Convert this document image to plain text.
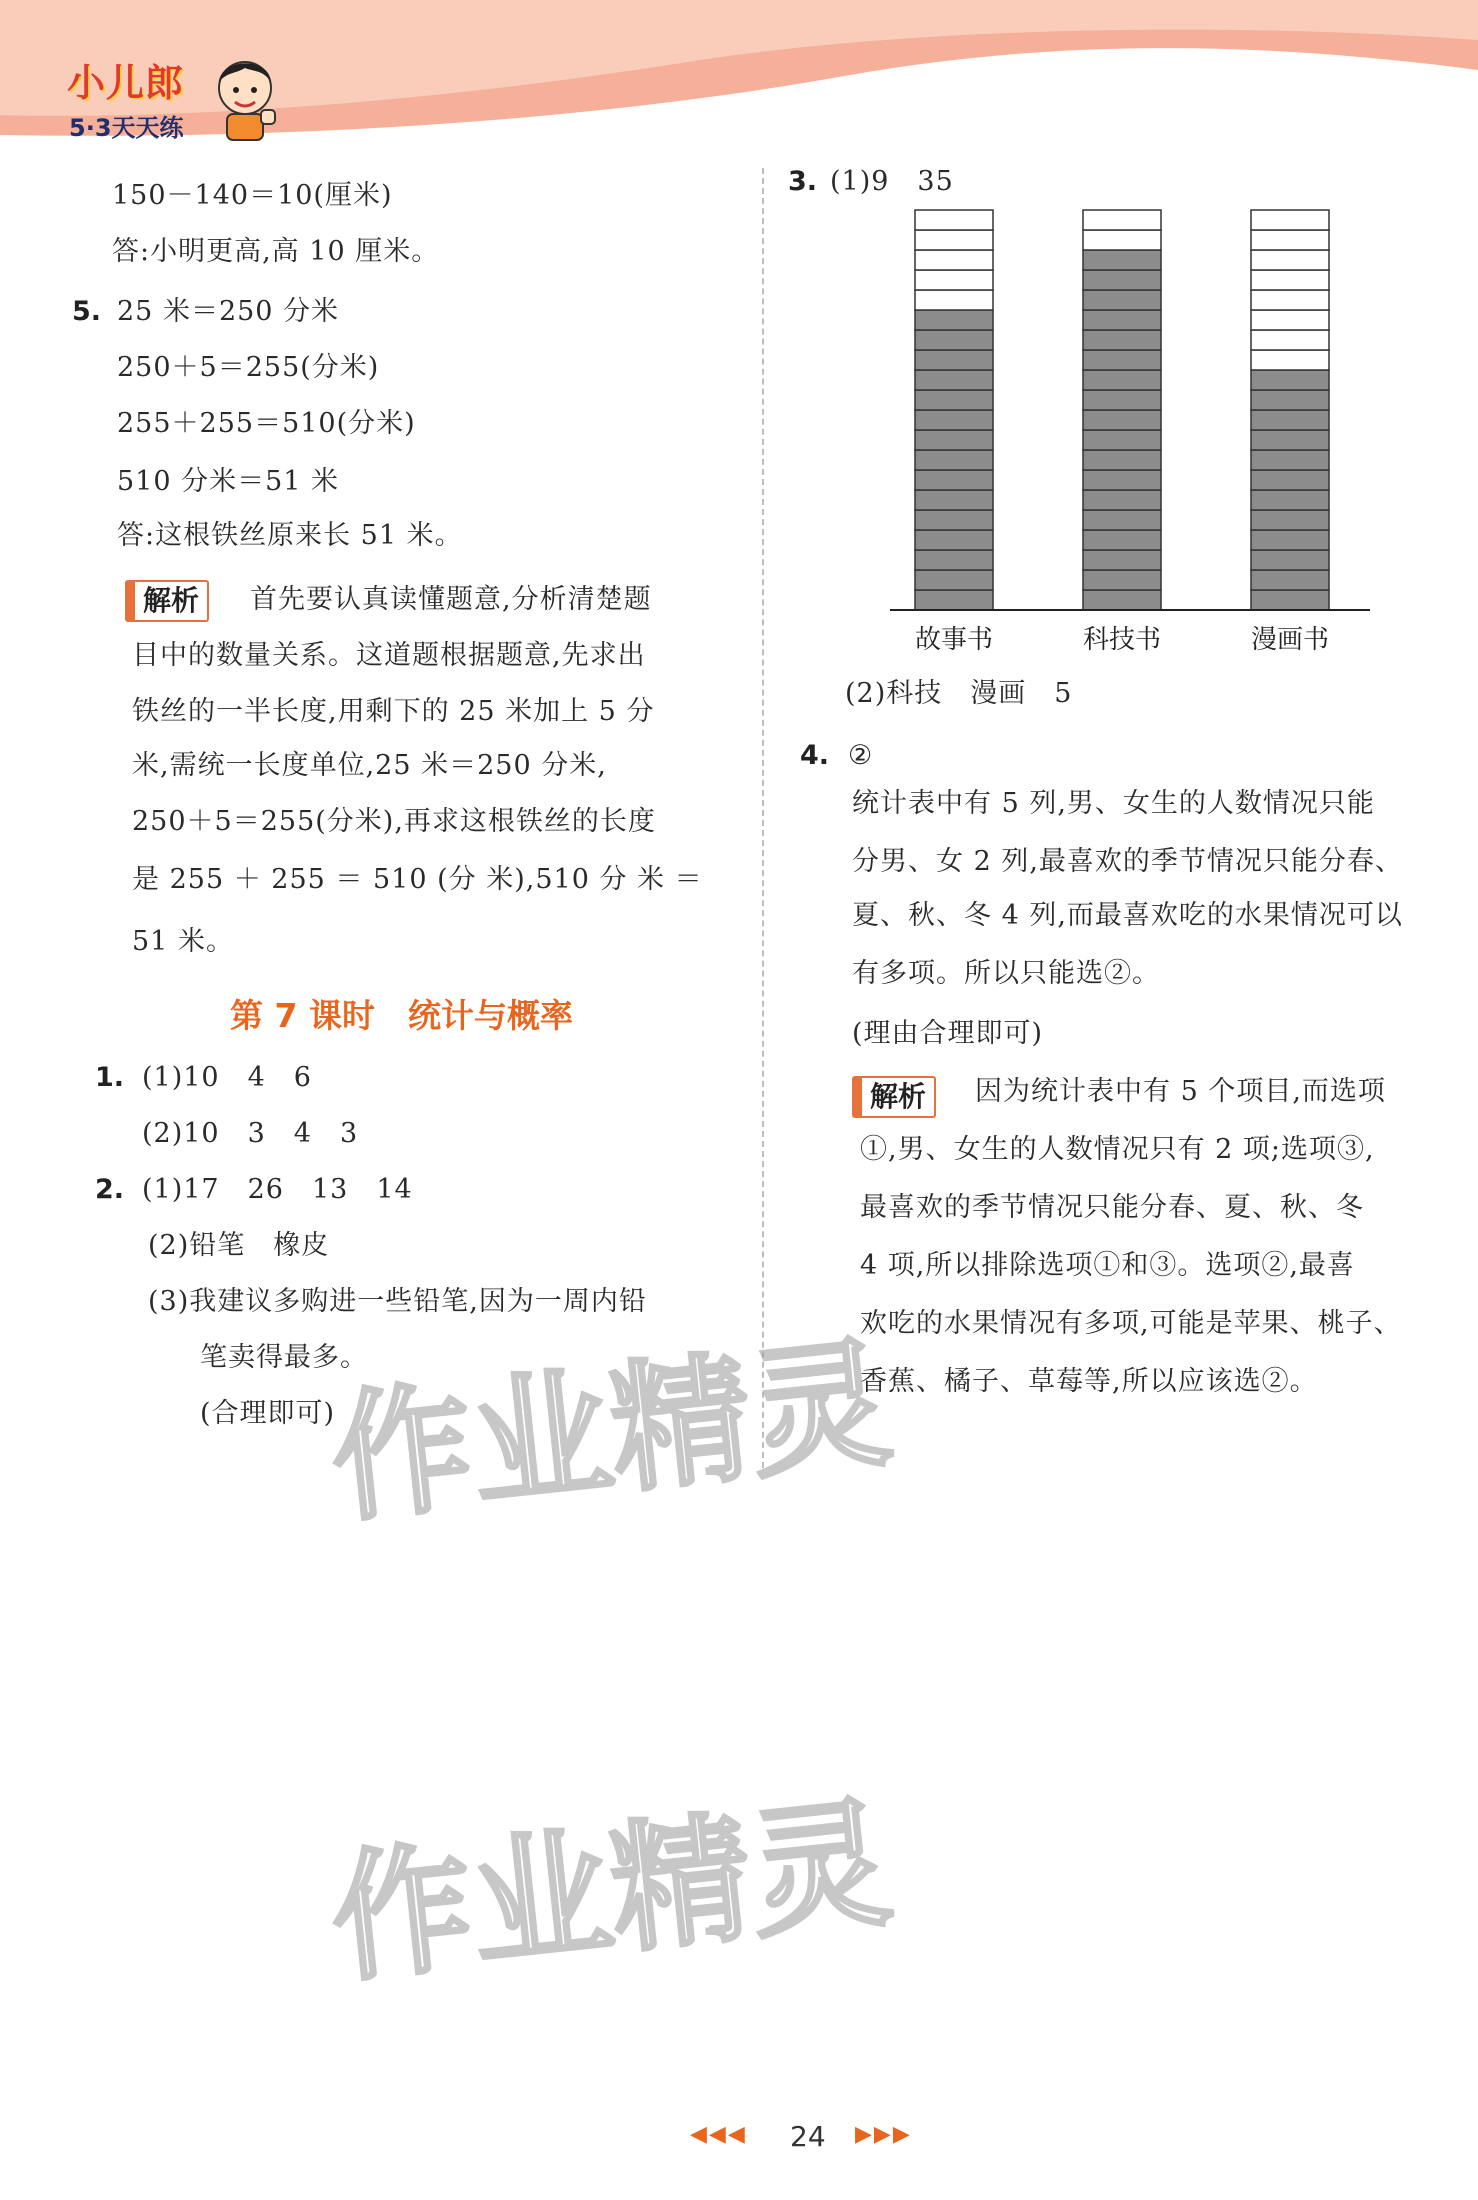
小儿郎
5·3天天练
150－140＝10(厘米)
答:小明更高,高 10 厘米。
5. 25 米＝250 分米
250＋5＝255(分米)
255＋255＝510(分米)
510 分米＝51 米
答:这根铁丝原来长 51 米。
解析	首先要认真读懂题意,分析清楚题
目中的数量关系。这道题根据题意,先求出
铁丝的一半长度,用剩下的 25 米加上 5 分
米,需统一长度单位,25 米＝250 分米,
250＋5＝255(分米),再求这根铁丝的长度
是 255 ＋ 255 ＝ 510 (分 米),510 分 米 ＝
51 米。
第 7 课时　统计与概率
1. (1)10　4　6
(2)10　3　4　3
2. (1)17　26　13　14
(2)铅笔　橡皮
(3)我建议多购进一些铅笔,因为一周内铅
笔卖得最多。
(合理即可)
3. (1)9　35
故事书	科技书	漫画书
(2)科技　漫画　5
4. ②
统计表中有 5 列,男、女生的人数情况只能
分男、女 2 列,最喜欢的季节情况只能分春、
夏、秋、冬 4 列,而最喜欢吃的水果情况可以
有多项。所以只能选②。
(理由合理即可)
解析	因为统计表中有 5 个项目,而选项
①,男、女生的人数情况只有 2 项;选项③,
最喜欢的季节情况只能分春、夏、秋、冬
4 项,所以排除选项①和③。选项②,最喜
欢吃的水果情况有多项,可能是苹果、桃子、
香蕉、橘子、草莓等,所以应该选②。
作业精灵
作业精灵
◀◀◀ 24 ▶▶▶
